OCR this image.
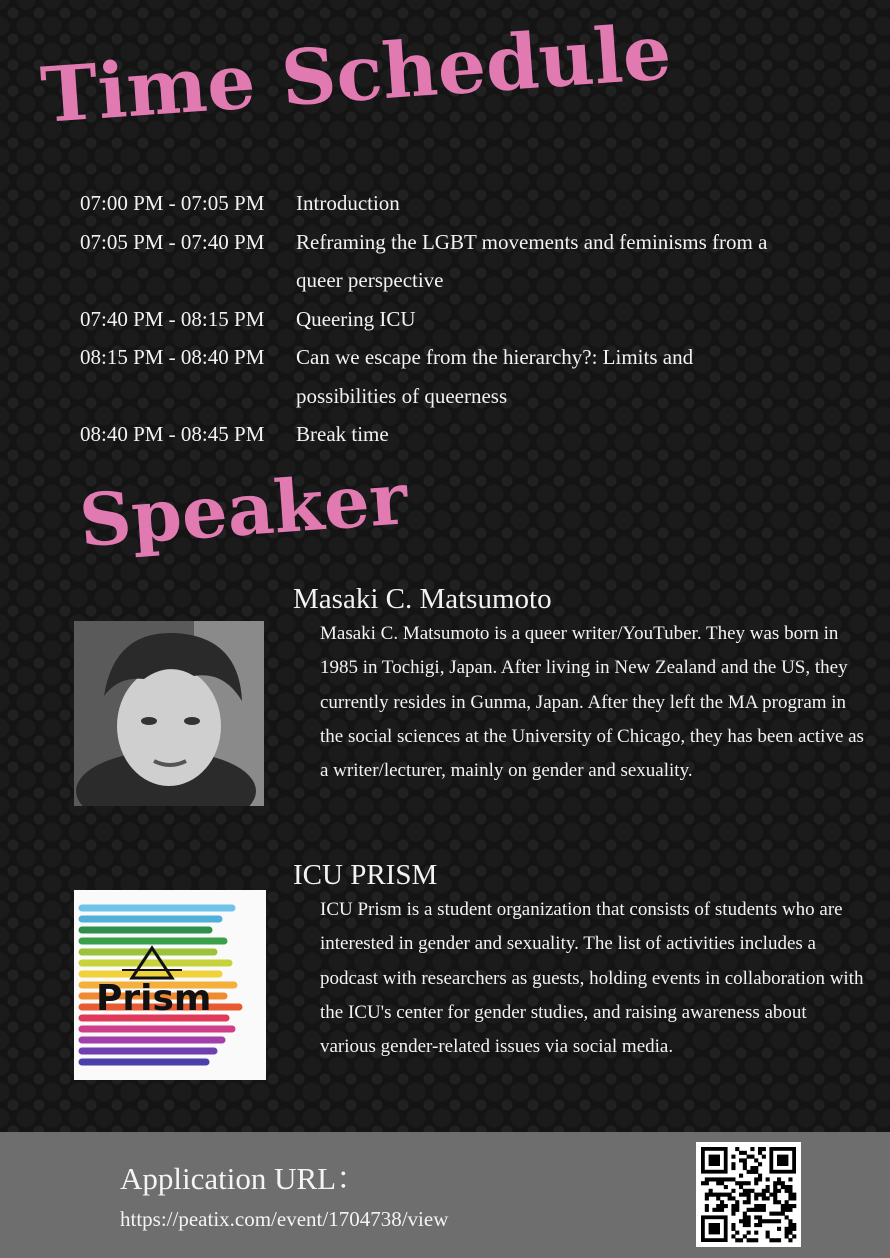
Time Schedule
07:00 PM - 07:05 PM	Introduction
07:05 PM - 07:40 PM	Reframing the LGBT movements and feminisms from a queer perspective
07:40 PM - 08:15 PM	Queering ICU
08:15 PM - 08:40 PM	Can we escape from the hierarchy?: Limits and possibilities of queerness
08:40 PM - 08:45 PM	Break time
Speaker
Masaki C. Matsumoto

Masaki C. Matsumoto is a queer writer/YouTuber. They was born in 1985 in Tochigi, Japan. After living in New Zealand and the US, they currently resides in Gunma, Japan. After they left the MA program in the social sciences at the University of Chicago, they has been active as a writer/lecturer, mainly on gender and sexuality.

Prism
ICU PRISM

ICU Prism is a student organization that consists of students who are interested in gender and sexuality. The list of activities includes a podcast with researchers as guests, holding events in collaboration with the ICU's center for gender studies, and raising awareness about various gender-related issues via social media.

Application URL：
https://peatix.com/event/1704738/view
